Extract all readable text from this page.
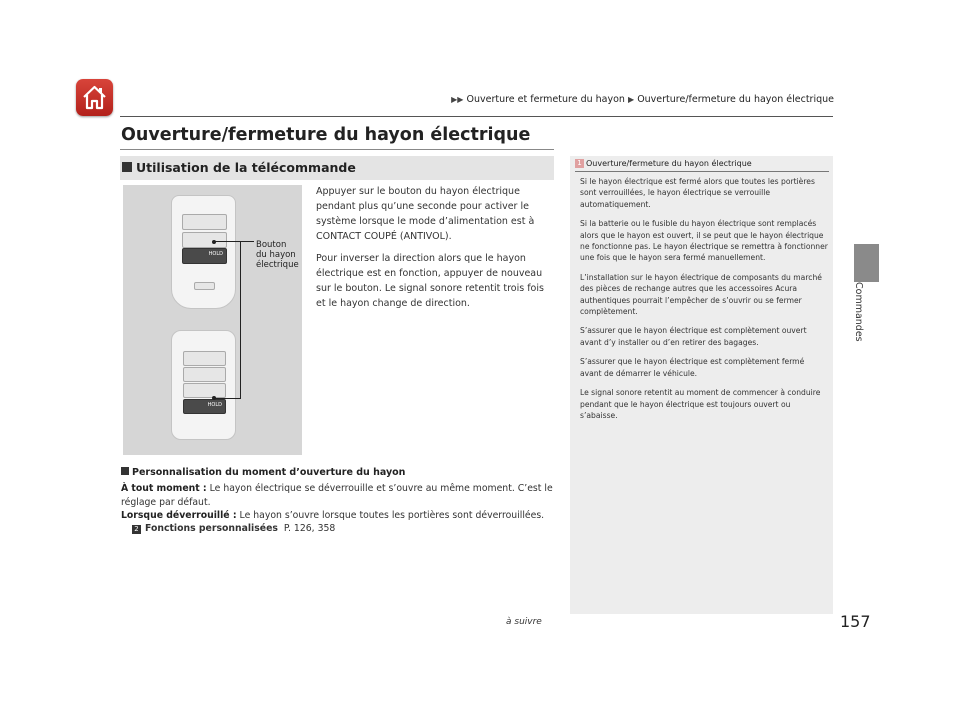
▶▶ Ouverture et fermeture du hayon ▶ Ouverture/fermeture du hayon électrique
Ouverture/fermeture du hayon électrique
Utilisation de la télécommande
HOLD
HOLD
Bouton
du hayon
électrique

Appuyer sur le bouton du hayon électrique pendant plus qu’une seconde pour activer le système lorsque le mode d’alimentation est à CONTACT COUPÉ (ANTIVOL).

Pour inverser la direction alors que le hayon électrique est en fonction, appuyer de nouveau sur le bouton. Le signal sonore retentit trois fois et le hayon change de direction.

Personnalisation du moment d’ouverture du hayon
À tout moment : Le hayon électrique se déverrouille et s’ouvre au même moment. C’est le réglage par défaut.
Lorsque déverrouillé : Le hayon s’ouvre lorsque toutes les portières sont déverrouillées.
2 Fonctions personnalisées P. 126, 358
1 Ouverture/fermeture du hayon électrique

Si le hayon électrique est fermé alors que toutes les portières sont verrouillées, le hayon électrique se verrouille automatiquement.

Si la batterie ou le fusible du hayon électrique sont remplacés alors que le hayon est ouvert, il se peut que le hayon électrique ne fonctionne pas. Le hayon électrique se remettra à fonctionner une fois que le hayon sera fermé manuellement.

L’installation sur le hayon électrique de composants du marché des pièces de rechange autres que les accessoires Acura authentiques pourrait l’empêcher de s’ouvrir ou se fermer complètement.

S’assurer que le hayon électrique est complètement ouvert avant d’y installer ou d’en retirer des bagages.

S’assurer que le hayon électrique est complètement fermé avant de démarrer le véhicule.

Le signal sonore retentit au moment de commencer à conduire pendant que le hayon électrique est toujours ouvert ou s’abaisse.

Commandes
à suivre	157
